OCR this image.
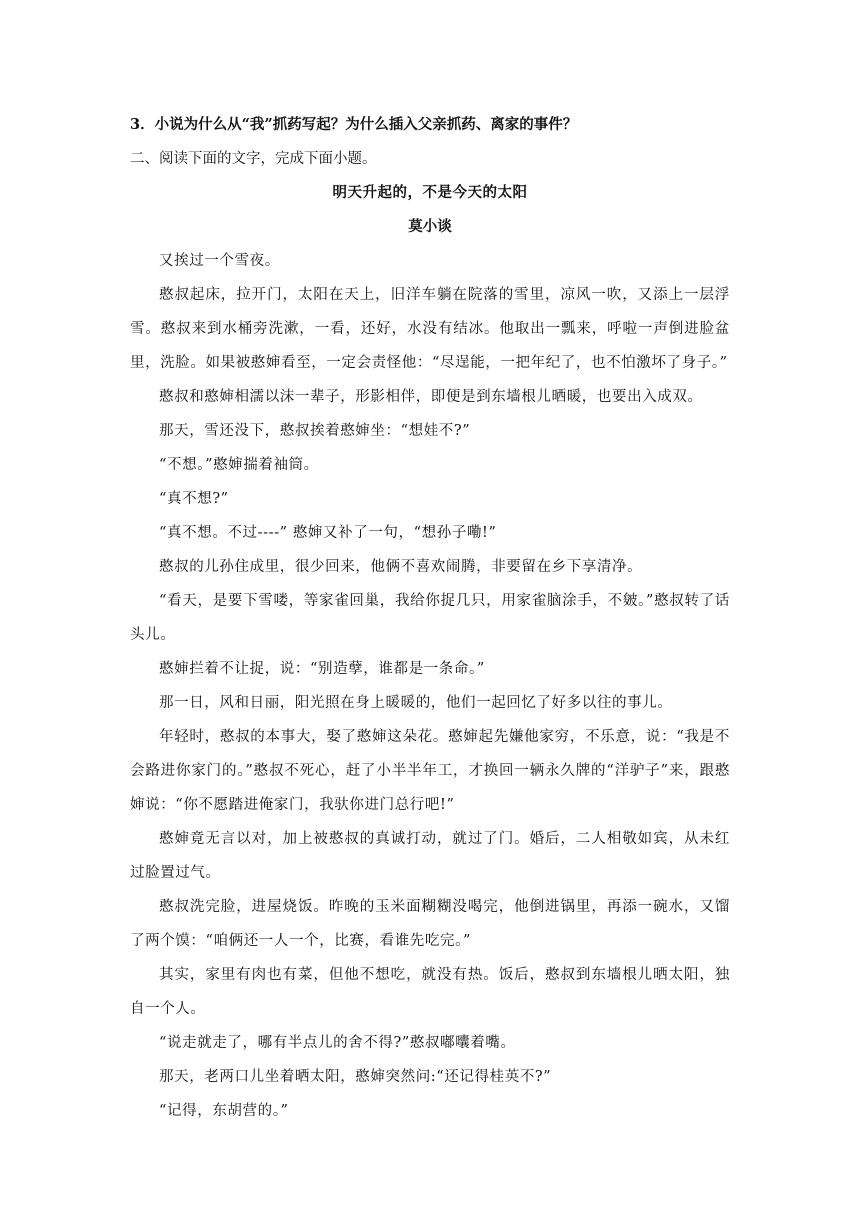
3．小说为什么从“我”抓药写起？为什么插入父亲抓药、离家的事件？
二、阅读下面的文字，完成下面小题。
明天升起的，不是今天的太阳
莫小谈

又挨过一个雪夜。

憨叔起床，拉开门，太阳在天上，旧洋车躺在院落的雪里，凉风一吹，又添上一层浮雪。憨叔来到水桶旁洗漱，一看，还好，水没有结冰。他取出一瓢来，呼啦一声倒进脸盆里，洗脸。如果被憨婶看至，一定会责怪他：“尽逞能，一把年纪了，也不怕激坏了身子。”

憨叔和憨婶相濡以沫一辈子，形影相伴，即便是到东墙根儿晒暖，也要出入成双。

那天，雪还没下，憨叔挨着憨婶坐：“想娃不?”

“不想。”憨婶揣着袖筒。

“真不想?”

“真不想。不过----” 憨婶又补了一句，“想孙子嘞!”

憨叔的儿孙住成里，很少回来，他俩不喜欢闹腾，非要留在乡下享清净。

“看天，是要下雪喽，等家雀回巢，我给你捉几只，用家雀脑涂手，不皴。”憨叔转了话头儿。

憨婶拦着不让捉，说：“别造孽，谁都是一条命。”

那一日，风和日丽，阳光照在身上暖暖的，他们一起回忆了好多以往的事儿。

年轻时，憨叔的本事大，娶了憨婶这朵花。憨婶起先嫌他家穷，不乐意，说：“我是不会路进你家门的。”憨叔不死心，赶了小半半年工，才换回一辆永久牌的“洋驴子”来，跟憨婶说：“你不愿踏进俺家门，我驮你进门总行吧!”

憨婶竟无言以对，加上被憨叔的真诚打动，就过了门。婚后，二人相敬如宾，从未红过脸置过气。

憨叔洗完脸，进屋烧饭。昨晚的玉米面糊糊没喝完，他倒进锅里，再添一碗水，又馏了两个馍：“咱俩还一人一个，比赛，看谁先吃完。”

其实，家里有肉也有菜，但他不想吃，就没有热。饭后，憨叔到东墙根儿晒太阳，独自一个人。

“说走就走了，哪有半点儿的舍不得?”憨叔嘟囔着嘴。

那天，老两口儿坐着晒太阳，憨婶突然问:“还记得桂英不?”

“记得，东胡营的。”
